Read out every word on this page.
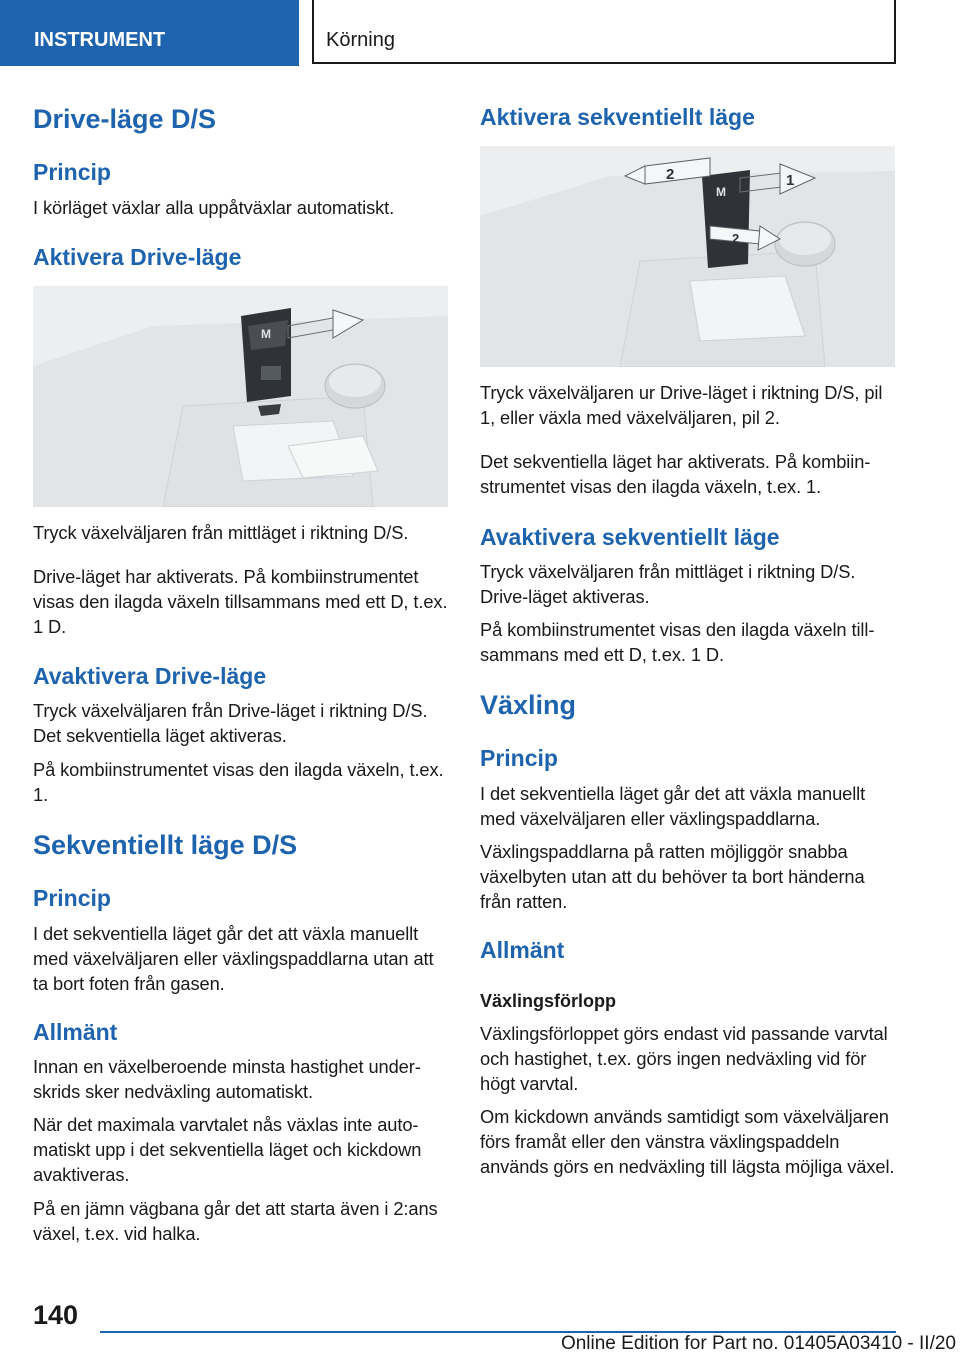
INSTRUMENT	Körning
Drive-läge D/S
Princip

I körläget växlar alla uppåtväxlar automatiskt.

Aktivera Drive-läge
M

Tryck växelväljaren från mittläget i riktning D/S.

Drive-läget har aktiverats. På kombiinstrumentet visas den ilagda växeln tillsammans med ett D, t.ex. 1 D.

Avaktivera Drive-läge

Tryck växelväljaren från Drive-läget i riktning D/S. Det sekventiella läget aktiveras.

På kombiinstrumentet visas den ilagda växeln, t.ex. 1.

Sekventiellt läge D/S
Princip

I det sekventiella läget går det att växla manuellt med växelväljaren eller växlingspaddlarna utan att ta bort foten från gasen.

Allmänt

Innan en växelberoende minsta hastighet underskrids sker nedväxling automatiskt.

När det maximala varvtalet nås växlas inte automatiskt upp i det sekventiella läget och kickdown avaktiveras.

På en jämn vägbana går det att starta även i 2:ans växel, t.ex. vid halka.

Aktivera sekventiellt läge
M
2	1
2

Tryck växelväljaren ur Drive-läget i riktning D/S, pil 1, eller växla med växelväljaren, pil 2.

Det sekventiella läget har aktiverats. På kombiinstrumentet visas den ilagda växeln, t.ex. 1.

Avaktivera sekventiellt läge

Tryck växelväljaren från mittläget i riktning D/S. Drive-läget aktiveras.

På kombiinstrumentet visas den ilagda växeln tillsammans med ett D, t.ex. 1 D.

Växling
Princip

I det sekventiella läget går det att växla manuellt med växelväljaren eller växlingspaddlarna.

Växlingspaddlarna på ratten möjliggör snabba växelbyten utan att du behöver ta bort händerna från ratten.

Allmänt
Växlingsförlopp

Växlingsförloppet görs endast vid passande varvtal och hastighet, t.ex. görs ingen nedväxling vid för högt varvtal.

Om kickdown används samtidigt som växelväljaren förs framåt eller den vänstra växlingspaddeln används görs en nedväxling till lägsta möjliga växel.

140
Online Edition for Part no. 01405A03410 - II/20
